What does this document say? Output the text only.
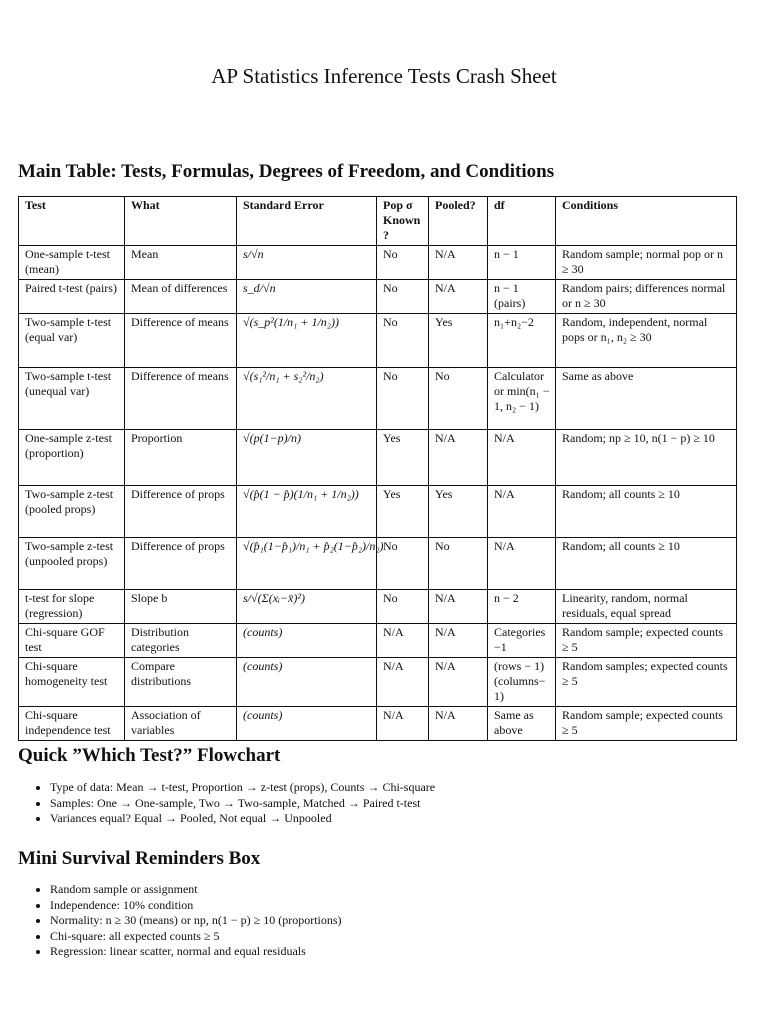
AP Statistics Inference Tests Crash Sheet
Main Table: Tests, Formulas, Degrees of Freedom, and Conditions
Test	What	Standard Error	Pop σ Known?	Pooled?	df	Conditions
One-sample t-test (mean)	Mean	s/√n	No	N/A	n − 1	Random sample; normal pop or n ≥ 30
Paired t-test (pairs)	Mean of differences	s_d/√n	No	N/A	n − 1 (pairs)	Random pairs; differences normal or n ≥ 30
Two-sample t-test (equal var)	Difference of means	√(s_p²(1/n₁ + 1/n₂))	No	Yes	n₁+n₂−2	Random, independent, normal pops or n₁, n₂ ≥ 30
Two-sample t-test (unequal var)	Difference of means	√(s₁²/n₁ + s₂²/n₂)	No	No	Calculator or min(n₁ − 1, n₂ − 1)	Same as above
One-sample z-test (proportion)	Proportion	√(p(1−p)/n)	Yes	N/A	N/A	Random; np ≥ 10, n(1 − p) ≥ 10
Two-sample z-test (pooled props)	Difference of props	√(p̂(1 − p̂)(1/n₁ + 1/n₂))	Yes	Yes	N/A	Random; all counts ≥ 10
Two-sample z-test (unpooled props)	Difference of props	√(p̂₁(1−p̂₁)/n₁ + p̂₂(1−p̂₂)/n₂)	No	No	N/A	Random; all counts ≥ 10
t-test for slope (regression)	Slope b	s/√(Σ(xᵢ−x̄)²)	No	N/A	n − 2	Linearity, random, normal residuals, equal spread
Chi-square GOF test	Distribution categories	(counts)	N/A	N/A	Categories −1	Random sample; expected counts ≥ 5
Chi-square homogeneity test	Compare distributions	(counts)	N/A	N/A	(rows − 1)(columns−1)	Random samples; expected counts ≥ 5
Chi-square independence test	Association of variables	(counts)	N/A	N/A	Same as above	Random sample; expected counts ≥ 5
Quick ”Which Test?” Flowchart
• Type of data: Mean → t-test, Proportion → z-test (props), Counts → Chi-square
• Samples: One → One-sample, Two → Two-sample, Matched → Paired t-test
• Variances equal? Equal → Pooled, Not equal → Unpooled
Mini Survival Reminders Box
• Random sample or assignment
• Independence: 10% condition
• Normality: n ≥ 30 (means) or np, n(1 − p) ≥ 10 (proportions)
• Chi-square: all expected counts ≥ 5
• Regression: linear scatter, normal and equal residuals
